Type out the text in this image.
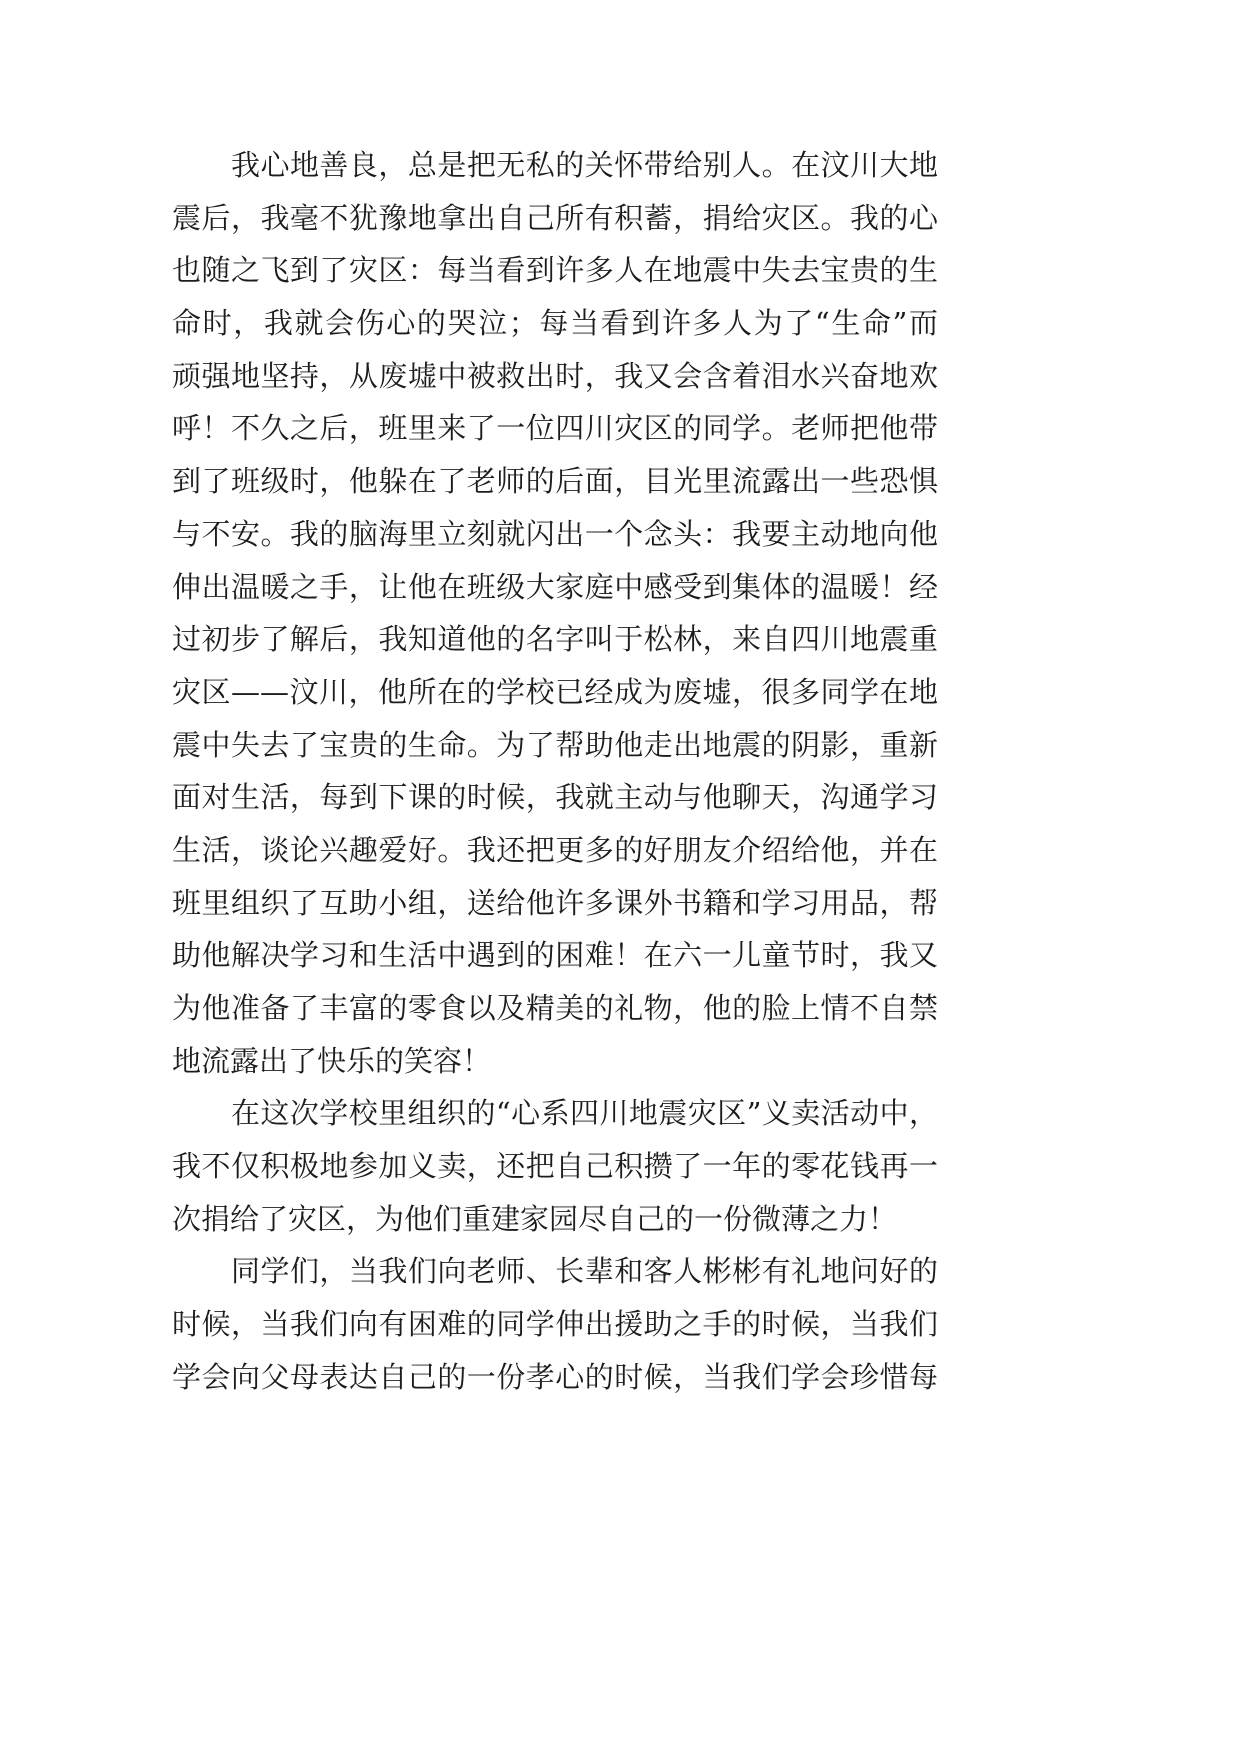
我心地善良，总是把无私的关怀带给别人。在汶川大地
震后，我毫不犹豫地拿出自己所有积蓄，捐给灾区。我的心
也随之飞到了灾区：每当看到许多人在地震中失去宝贵的生
命时，我就会伤心的哭泣；每当看到许多人为了“生命”而
顽强地坚持，从废墟中被救出时，我又会含着泪水兴奋地欢
呼！不久之后，班里来了一位四川灾区的同学。老师把他带
到了班级时，他躲在了老师的后面，目光里流露出一些恐惧
与不安。我的脑海里立刻就闪出一个念头：我要主动地向他
伸出温暖之手，让他在班级大家庭中感受到集体的温暖！经
过初步了解后，我知道他的名字叫于松林，来自四川地震重
灾区——汶川，他所在的学校已经成为废墟，很多同学在地
震中失去了宝贵的生命。为了帮助他走出地震的阴影，重新
面对生活，每到下课的时候，我就主动与他聊天，沟通学习
生活，谈论兴趣爱好。我还把更多的好朋友介绍给他，并在
班里组织了互助小组，送给他许多课外书籍和学习用品，帮
助他解决学习和生活中遇到的困难！在六一儿童节时，我又
为他准备了丰富的零食以及精美的礼物，他的脸上情不自禁
地流露出了快乐的笑容！
在这次学校里组织的“心系四川地震灾区”义卖活动中，
我不仅积极地参加义卖，还把自己积攒了一年的零花钱再一
次捐给了灾区，为他们重建家园尽自己的一份微薄之力！
同学们，当我们向老师、长辈和客人彬彬有礼地问好的
时候，当我们向有困难的同学伸出援助之手的时候，当我们
学会向父母表达自己的一份孝心的时候，当我们学会珍惜每
